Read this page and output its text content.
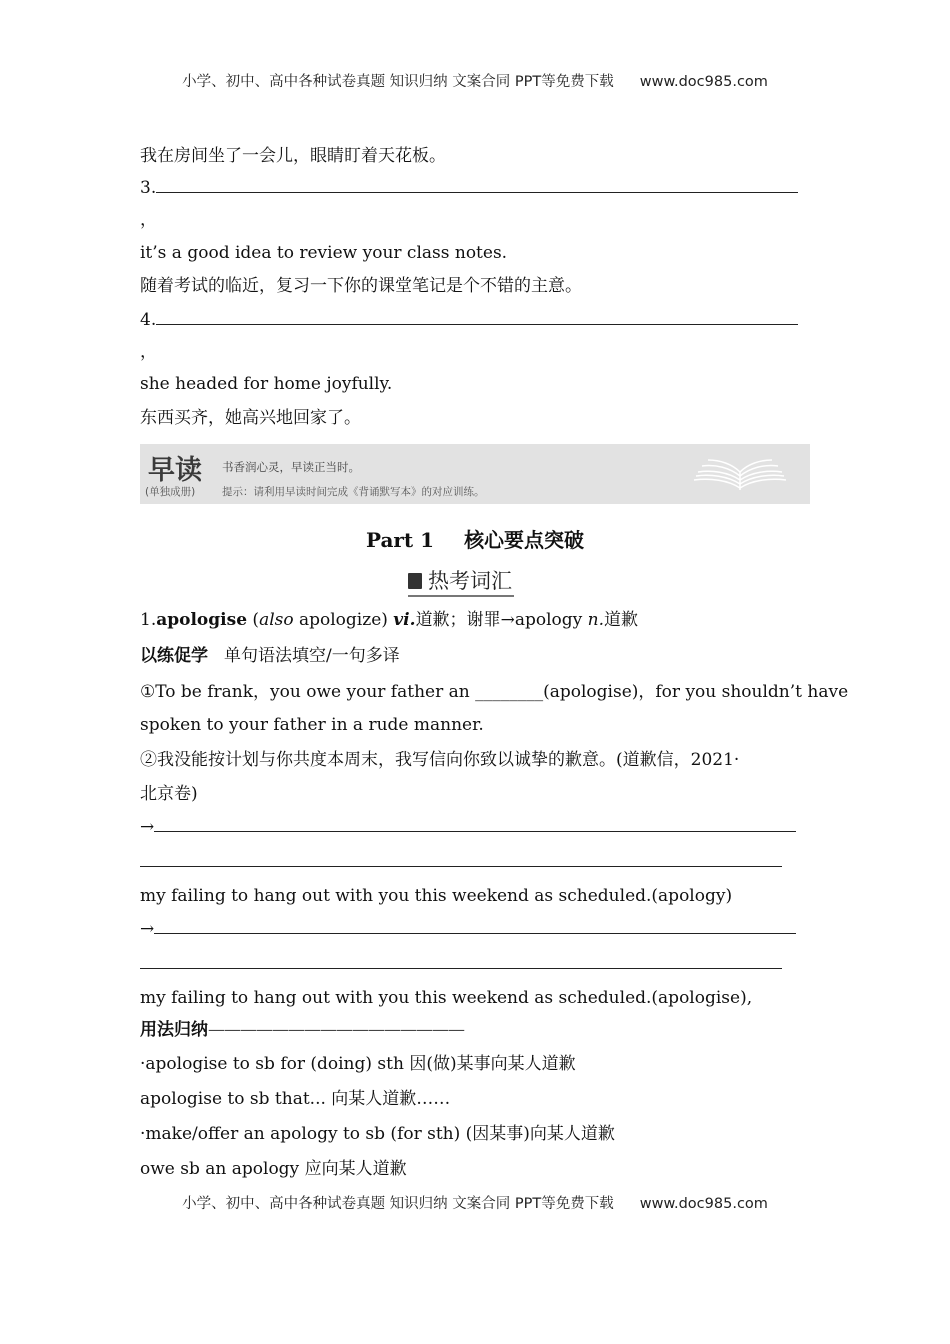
小学、初中、高中各种试卷真题 知识归纳 文案合同 PPT等免费下载 www.doc985.com
我在房间坐了一会儿，眼睛盯着天花板。
3.
，
it’s a good idea to review your class notes.
随着考试的临近，复习一下你的课堂笔记是个不错的主意。
4.
，
she headed for home joyfully.
东西买齐，她高兴地回家了。
早读
(单独成册)
书香润心灵，早读正当时。
提示：请利用早读时间完成《背诵默写本》的对应训练。
Part 1 核心要点突破
热考词汇
1.apologise (also apologize) vi.道歉；谢罪→apology n.道歉
以练促学 单句语法填空/一句多译
①To be frank，you owe your father an ________(apologise)，for you shouldn’t have
spoken to your father in a rude manner.
②我没能按计划与你共度本周末，我写信向你致以诚挚的歉意。(道歉信，2021·
北京卷)
→
my failing to hang out with you this weekend as scheduled.(apology)
→
my failing to hang out with you this weekend as scheduled.(apologise),
用法归纳————————————————
·apologise to sb for (doing) sth 因(做)某事向某人道歉
apologise to sb that... 向某人道歉……
·make/offer an apology to sb (for sth) (因某事)向某人道歉
owe sb an apology 应向某人道歉
小学、初中、高中各种试卷真题 知识归纳 文案合同 PPT等免费下载 www.doc985.com
